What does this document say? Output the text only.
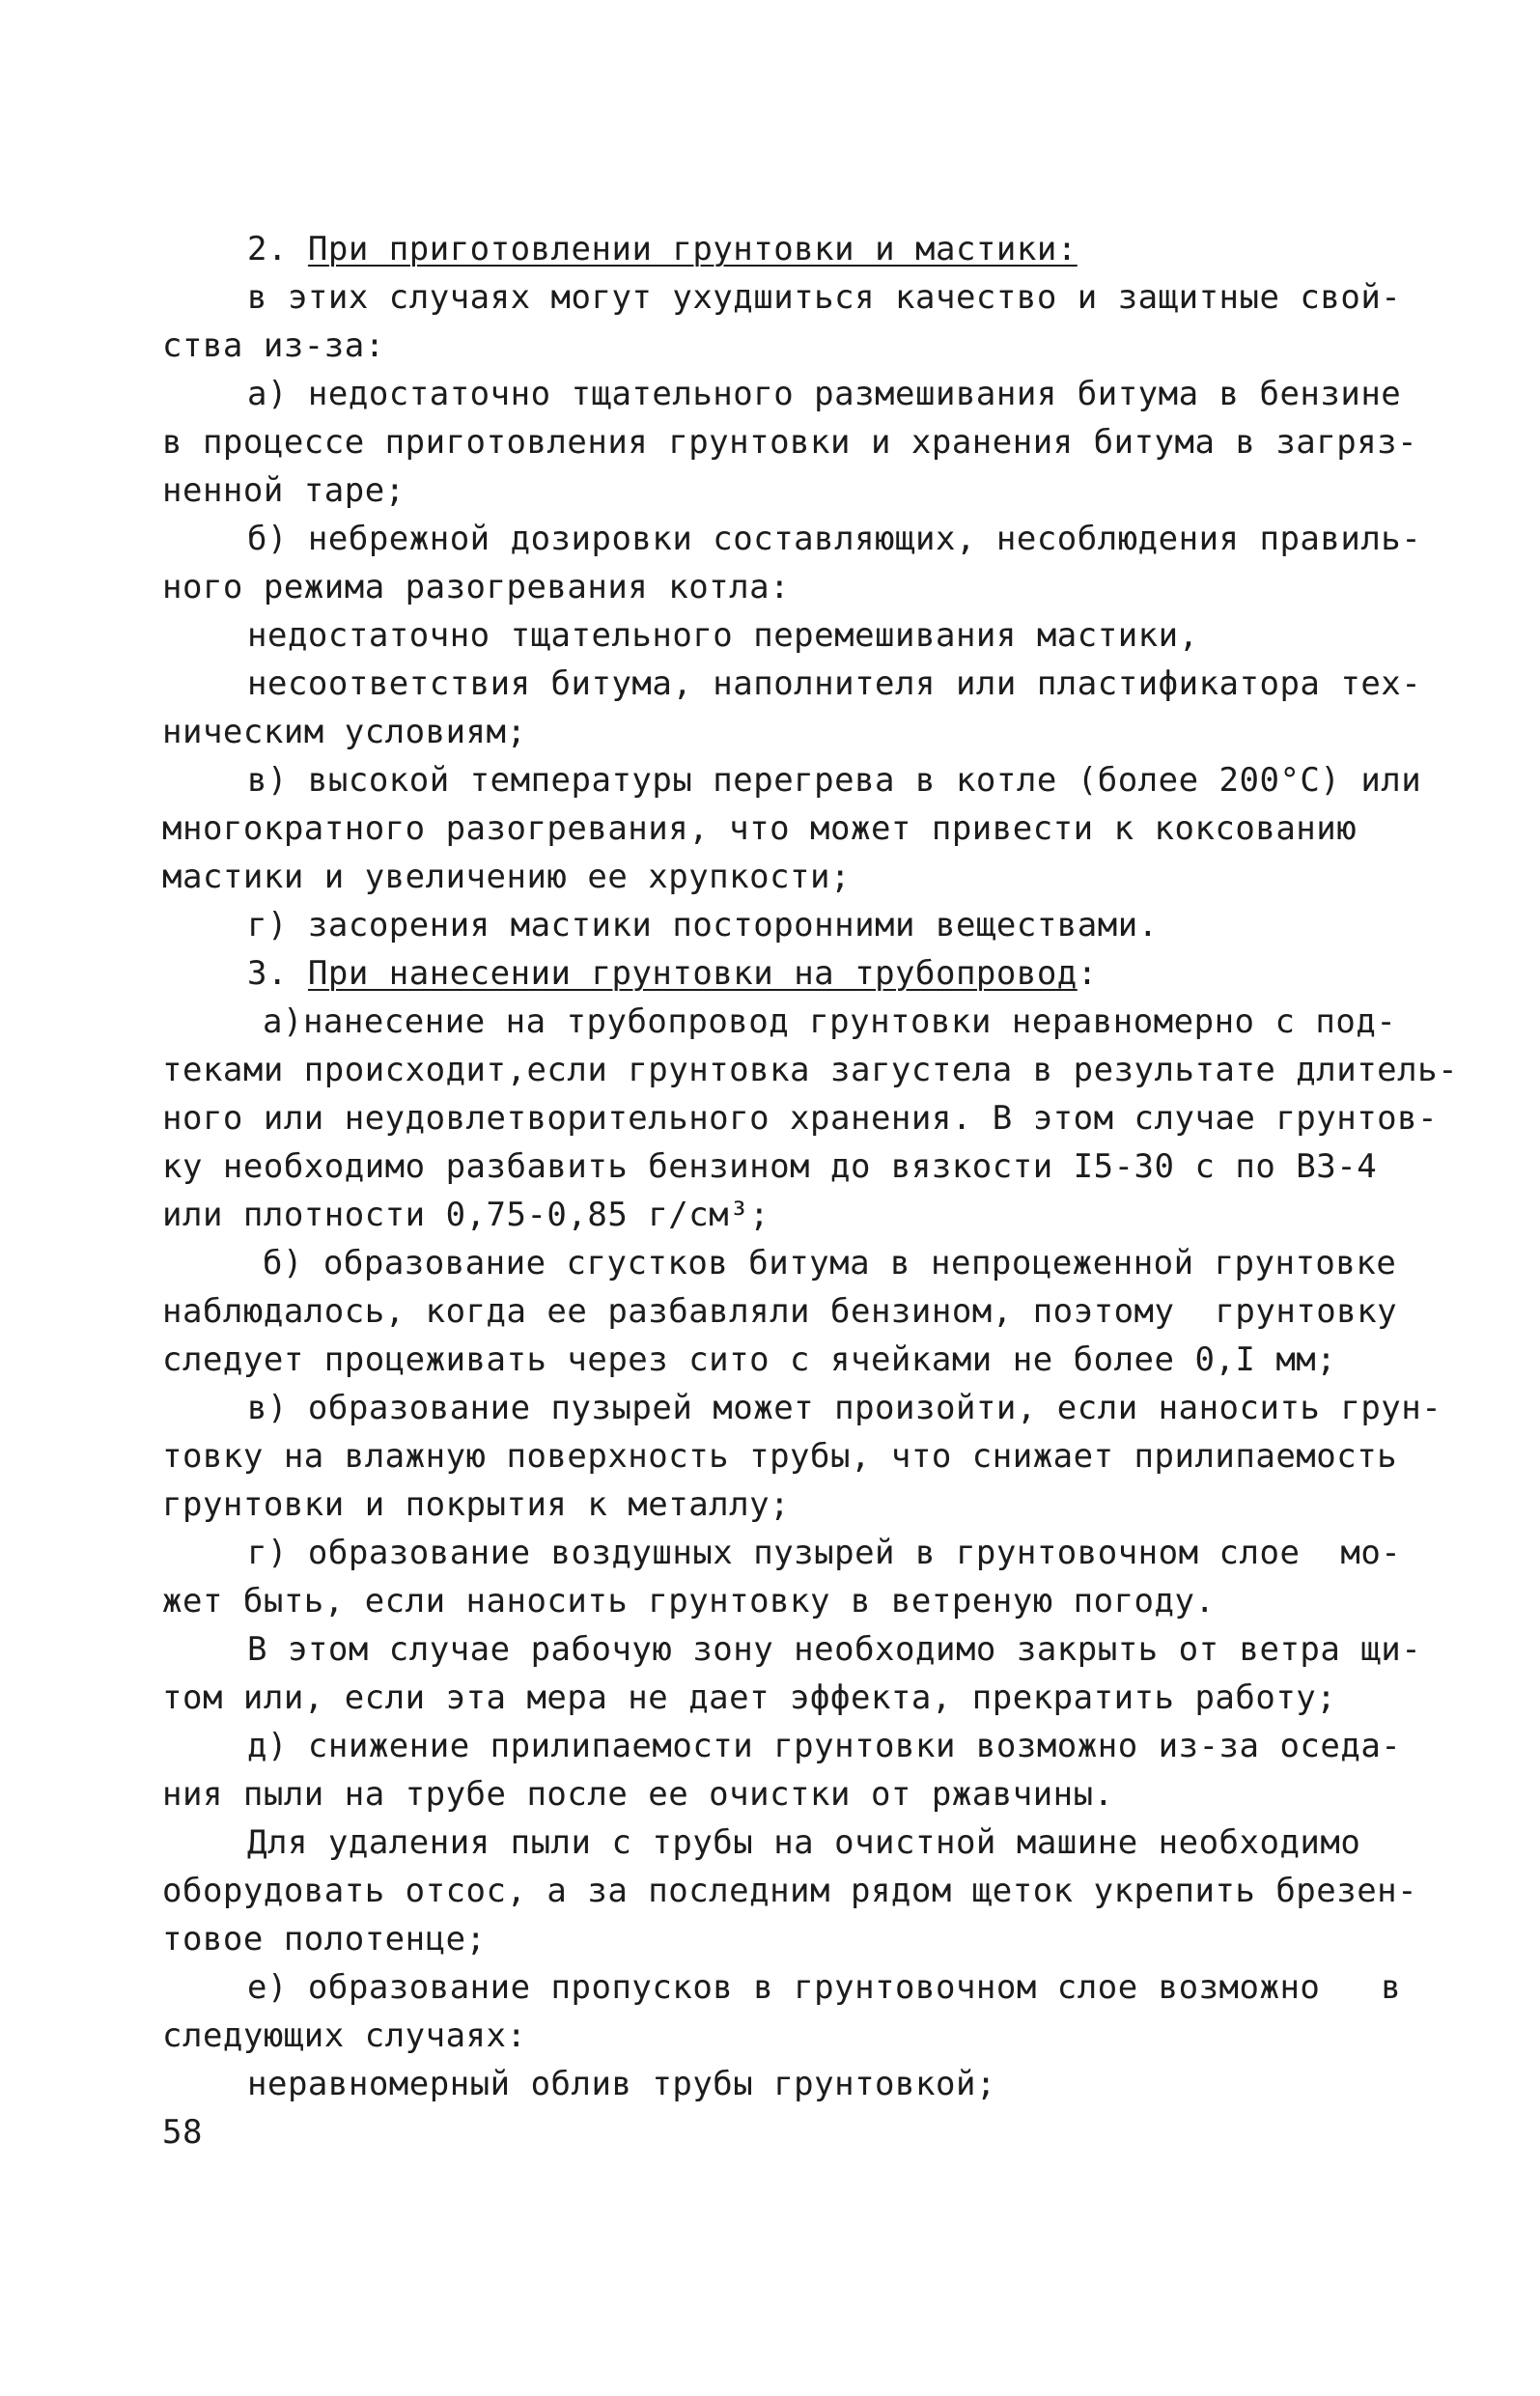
2. При приготовлении грунтовки и мастики:
в этих случаях могут ухудшиться качество и защитные свой-
ства из-за:
а) недостаточно тщательного размешивания битума в бензине
в процессе приготовления грунтовки и хранения битума в загряз-
ненной таре;
б) небрежной дозировки составляющих, несоблюдения правиль-
ного режима разогревания котла:
недостаточно тщательного перемешивания мастики,
несоответствия битума, наполнителя или пластификатора тех-
ническим условиям;
в) высокой температуры перегрева в котле (более 200°С) или
многократного разогревания, что может привести к коксованию
мастики и увеличению ее хрупкости;
г) засорения мастики посторонними веществами.
3. При нанесении грунтовки на трубопровод:
а)нанесение на трубопровод грунтовки неравномерно с под-
теками происходит,если грунтовка загустела в результате длитель-
ного или неудовлетворительного хранения. В этом случае грунтов-
ку необходимо разбавить бензином до вязкости I5-30 с по ВЗ-4
или плотности 0,75-0,85 г/см³;
б) образование сгустков битума в непроцеженной грунтовке
наблюдалось, когда ее разбавляли бензином, поэтому  грунтовку
следует процеживать через сито с ячейками не более 0,I мм;
в) образование пузырей может произойти, если наносить грун-
товку на влажную поверхность трубы, что снижает прилипаемость
грунтовки и покрытия к металлу;
г) образование воздушных пузырей в грунтовочном слое  мо-
жет быть, если наносить грунтовку в ветреную погоду.
В этом случае рабочую зону необходимо закрыть от ветра щи-
том или, если эта мера не дает эффекта, прекратить работу;
д) снижение прилипаемости грунтовки возможно из-за оседа-
ния пыли на трубе после ее очистки от ржавчины.
Для удаления пыли с трубы на очистной машине необходимо
оборудовать отсос, а за последним рядом щеток укрепить брезен-
товое полотенце;
е) образование пропусков в грунтовочном слое возможно   в
следующих случаях:
неравномерный облив трубы грунтовкой;
58
